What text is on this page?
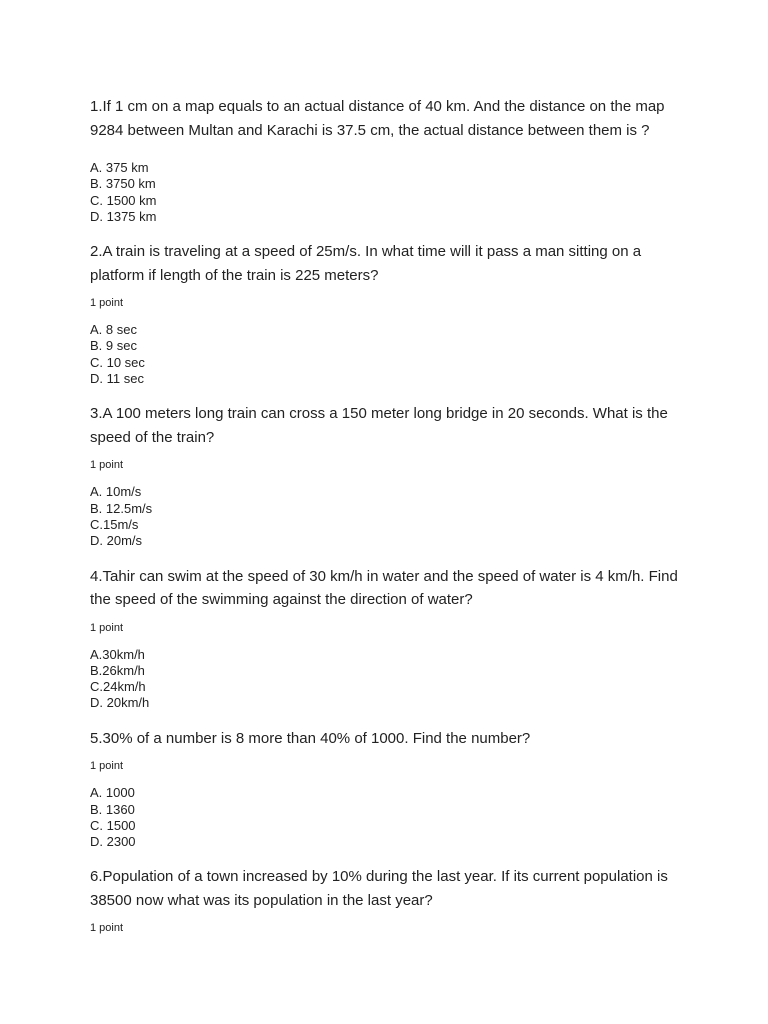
1.If 1 cm on a map equals to an actual distance of 40 km. And the distance on the map 9284 between Multan and Karachi is 37.5 cm, the actual distance between them is ?

A. 375 km
B. 3750 km
C. 1500 km
D. 1375 km

2.A train is traveling at a speed of 25m/s. In what time will it pass a man sitting on a platform if length of the train is 225 meters?

1 point

A. 8 sec
B. 9 sec
C. 10 sec
D. 11 sec

3.A 100 meters long train can cross a 150 meter long bridge in 20 seconds. What is the speed of the train?

1 point

A. 10m/s
B. 12.5m/s
C.15m/s
D. 20m/s

4.Tahir can swim at the speed of 30 km/h in water and the speed of water is 4 km/h. Find the speed of the swimming against the direction of water?

1 point

A.30km/h
B.26km/h
C.24km/h
D. 20km/h

5.30% of a number is 8 more than 40% of 1000. Find the number?

1 point

A. 1000
B. 1360
C. 1500
D. 2300

6.Population of a town increased by 10% during the last year. If its current population is 38500 now what was its population in the last year?

1 point
